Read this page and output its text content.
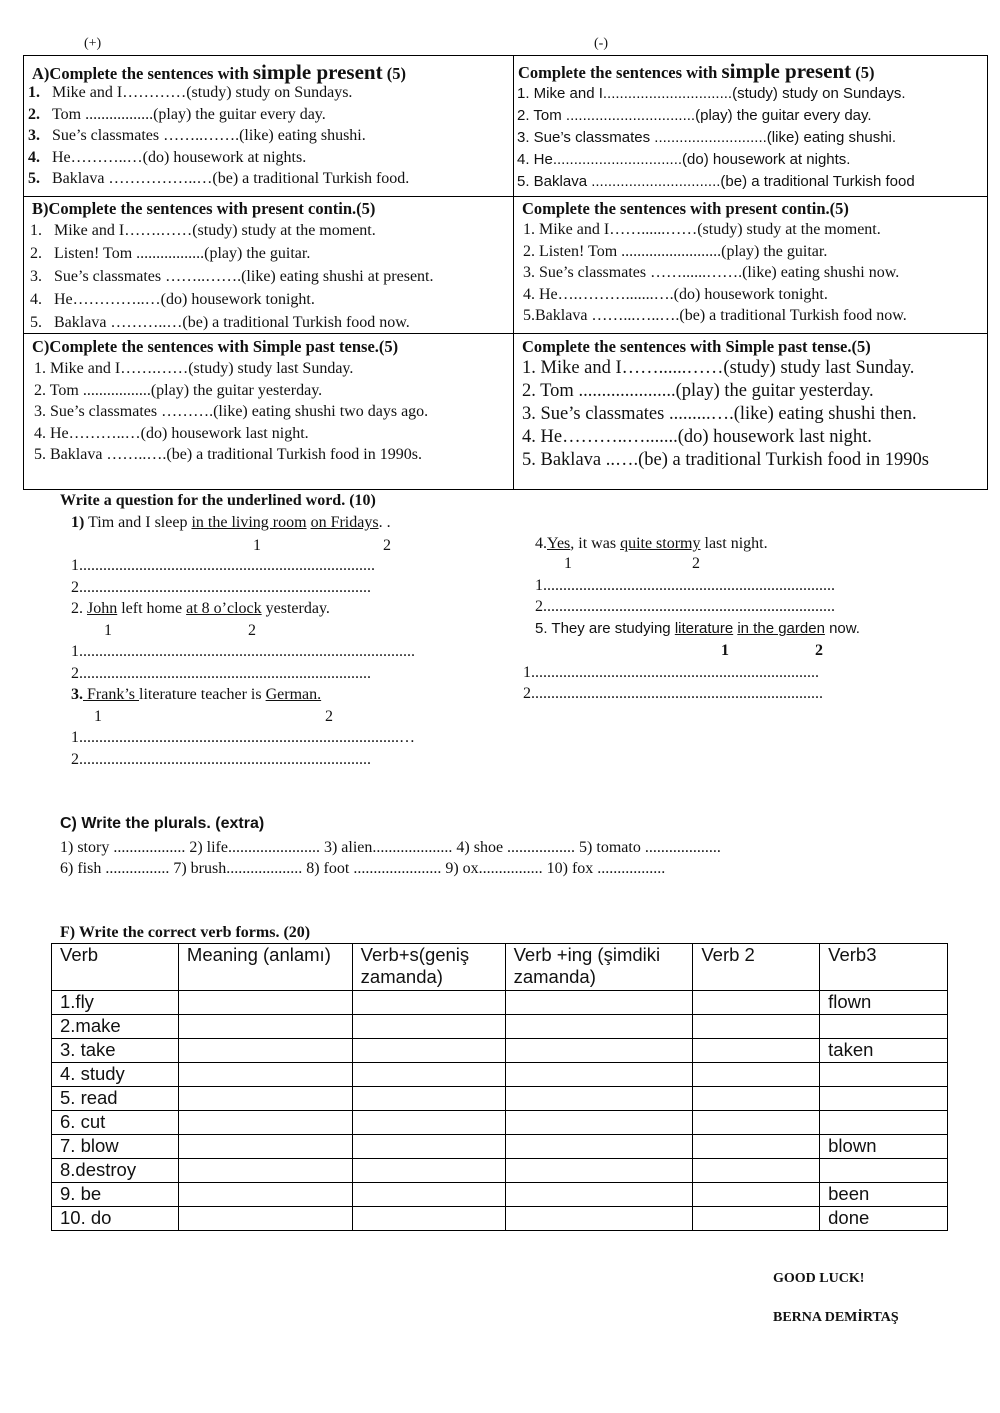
(+)	(-)
A)Complete the sentences with simple present (5)
1. Mike and I…………(study) study on Sundays.
2. Tom .................(play) the guitar every day.
3. Sue’s classmates ……..…….(like) eating shushi.
4. He………..…(do) housework at nights.
5. Baklava ……………..…(be) a traditional Turkish food.
Complete the sentences with simple present (5)
1. Mike and I...............................(study) study on Sundays.
2. Tom ...............................(play) the guitar every day.
3. Sue’s classmates ...........................(like) eating shushi.
4. He...............................(do) housework at nights.
5. Baklava ...............................(be) a traditional Turkish food
B)Complete the sentences with present contin.(5)
1. Mike and I…….……(study) study at the moment.
2. Listen! Tom .................(play) the guitar.
3. Sue’s classmates ……..…….(like) eating shushi at present.
4. He…………..…(do) housework tonight.
5. Baklava ………..…(be) a traditional Turkish food now.
Complete the sentences with present contin.(5)
1. Mike and I……......……(study) study at the moment.
2. Listen! Tom .........................(play) the guitar.
3. Sue’s classmates ……......…….(like) eating shushi now.
4. He….……….......….(do) housework tonight.
5.Baklava ……...…..….(be) a traditional Turkish food now.
C)Complete the sentences with Simple past tense.(5)
1. Mike and I…….……(study) study last Sunday.
2. Tom .................(play) the guitar yesterday.
3. Sue’s classmates ……….(like) eating shushi two days ago.
4. He………..…(do) housework last night.
5. Baklava ……..….(be) a traditional Turkish food in 1990s.
Complete the sentences with Simple past tense.(5)
1. Mike and I……......……(study) study last Sunday.
2. Tom .....................(play) the guitar yesterday.
3. Sue’s classmates .........….(like) eating shushi then.
4. He………..….......(do) housework last night.
5. Baklava ..….(be) a traditional Turkish food in 1990s
Write a question for the underlined word. (10)
1) Tim and I sleep in the living room on Fridays. .
1	2
1..........................................................................
2.........................................................................
2. John left home at 8 o’clock yesterday.
1	2
1....................................................................................
2.........................................................................
3. Frank’s literature teacher is German.
1	2
1................................................................................…
2.........................................................................
4.Yes, it was quite stormy last night.
1	2
1.........................................................................
2.........................................................................
5. They are studying literature in the garden now.
1	2
1........................................................................
2.........................................................................
C) Write the plurals. (extra)
1) story .................. 2) life....................... 3) alien.................... 4) shoe ................. 5) tomato ...................
6) fish ................ 7) brush................... 8) foot ...................... 9) ox................ 10) fox .................
F) Write the correct verb forms. (20)
Verb	Meaning (anlamı)	Verb+s(geniş zamanda)	Verb +ing (şimdiki zamanda)	Verb 2	Verb3
1.fly					flown
2.make					
3. take					taken
4. study					
5. read					
6. cut					
7. blow					blown
8.destroy					
9. be					been
10. do					done
GOOD LUCK!
BERNA DEMİRTAŞ
